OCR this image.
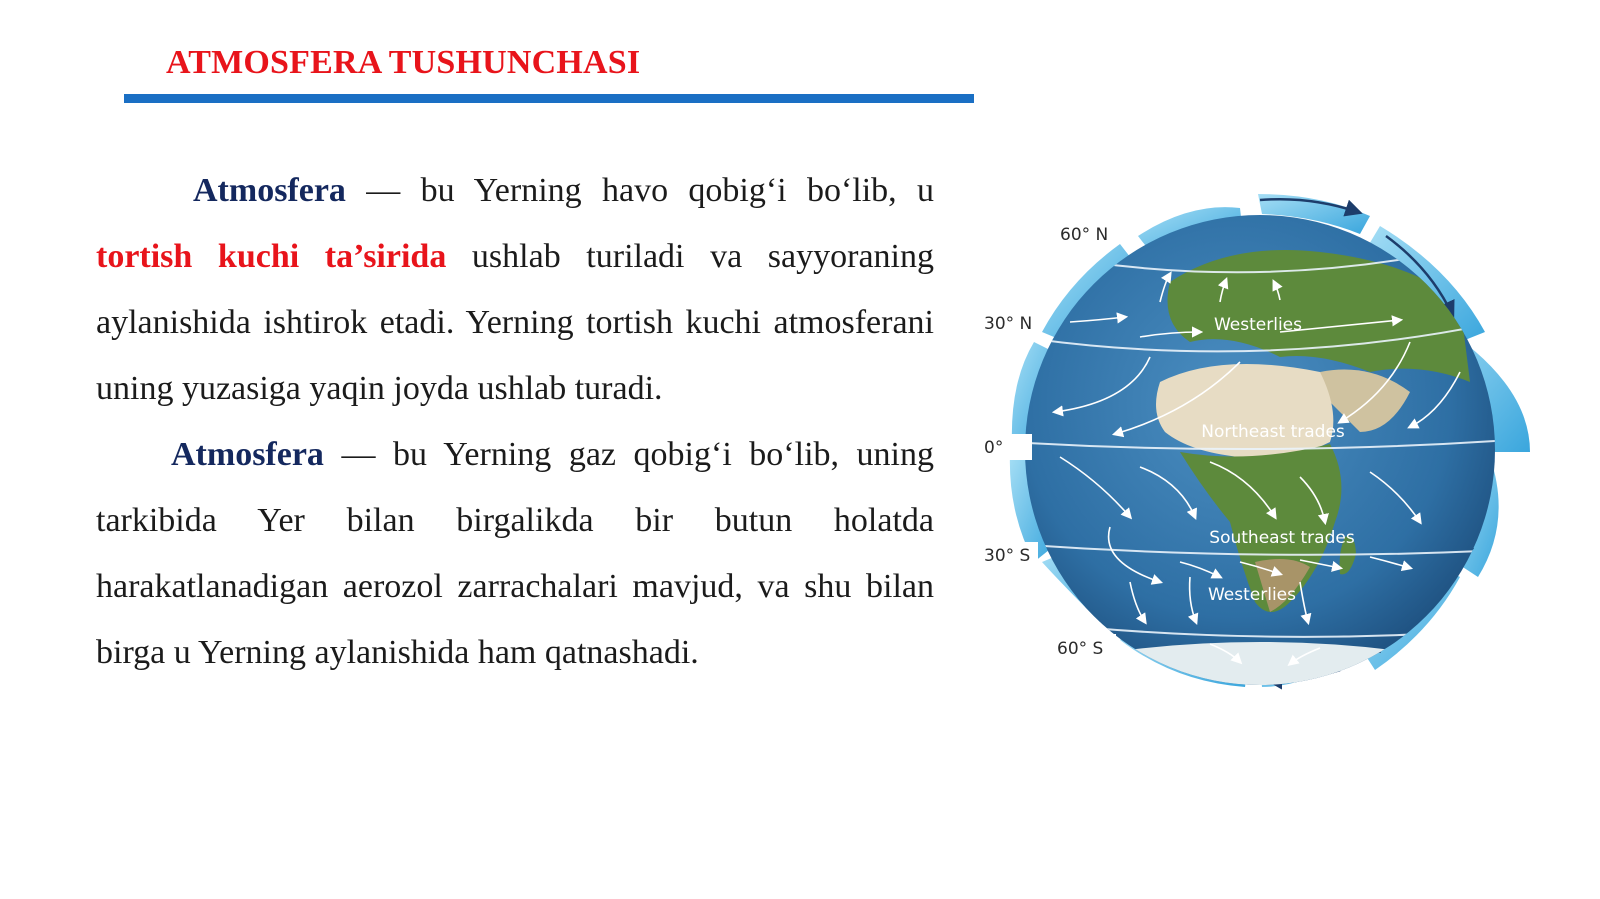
ATMOSFERA TUSHUNCHASI

Atmosfera — bu Yerning havo qobig‘i bo‘lib, u tortish kuchi ta’sirida ushlab turiladi va sayyoraning aylanishida ishtirok etadi. Yerning tortish kuchi atmosferani uning yuzasiga yaqin joyda ushlab turadi.

Atmosfera — bu Yerning gaz qobig‘i bo‘lib, uning tarkibida Yer bilan birgalikda bir butun holatda harakatlanadigan aerozol zarrachalari mavjud, va shu bilan birga u Yerning aylanishida ham qatnashadi.

Westerlies
Northeast trades
Southeast trades
Westerlies
60° N
30° N
0°
30° S
60° S
